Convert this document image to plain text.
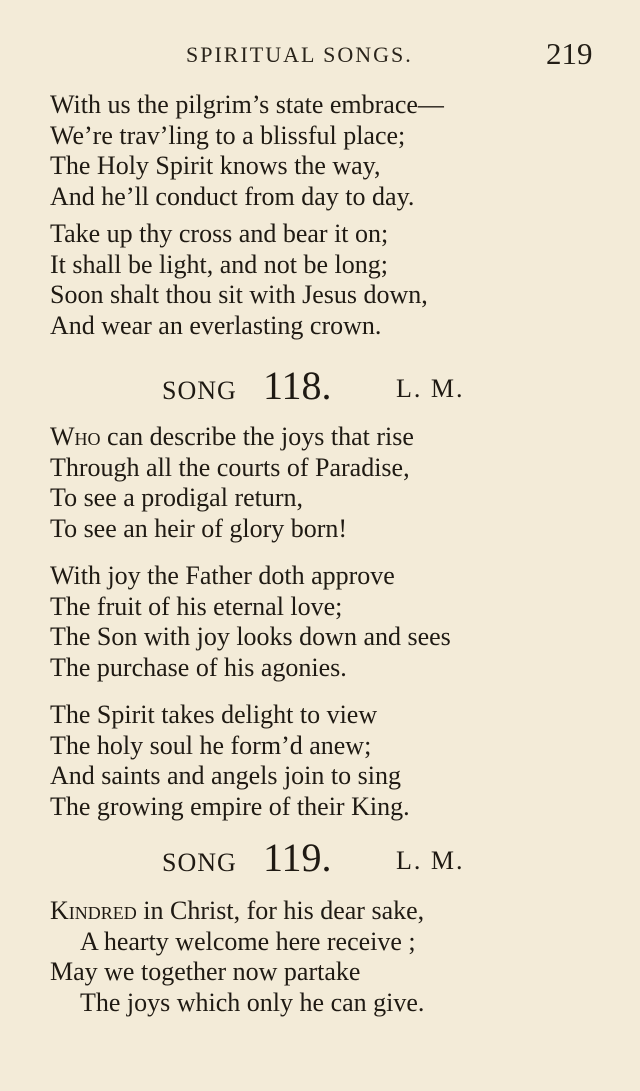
SPIRITUAL SONGS.	219
With us the pilgrim’s state embrace—
We’re trav’ling to a blissful place;
The Holy Spirit knows the way,
And he’ll conduct from day to day.
Take up thy cross and bear it on;
It shall be light, and not be long;
Soon shalt thou sit with Jesus down,
And wear an everlasting crown.
SONG 118. L. M.
Who can describe the joys that rise
Through all the courts of Paradise,
To see a prodigal return,
To see an heir of glory born!
With joy the Father doth approve
The fruit of his eternal love;
The Son with joy looks down and sees
The purchase of his agonies.
The Spirit takes delight to view
The holy soul he form’d anew;
And saints and angels join to sing
The growing empire of their King.
SONG 119. L. M.
Kindred in Christ, for his dear sake,
A hearty welcome here receive ;
May we together now partake
The joys which only he can give.
